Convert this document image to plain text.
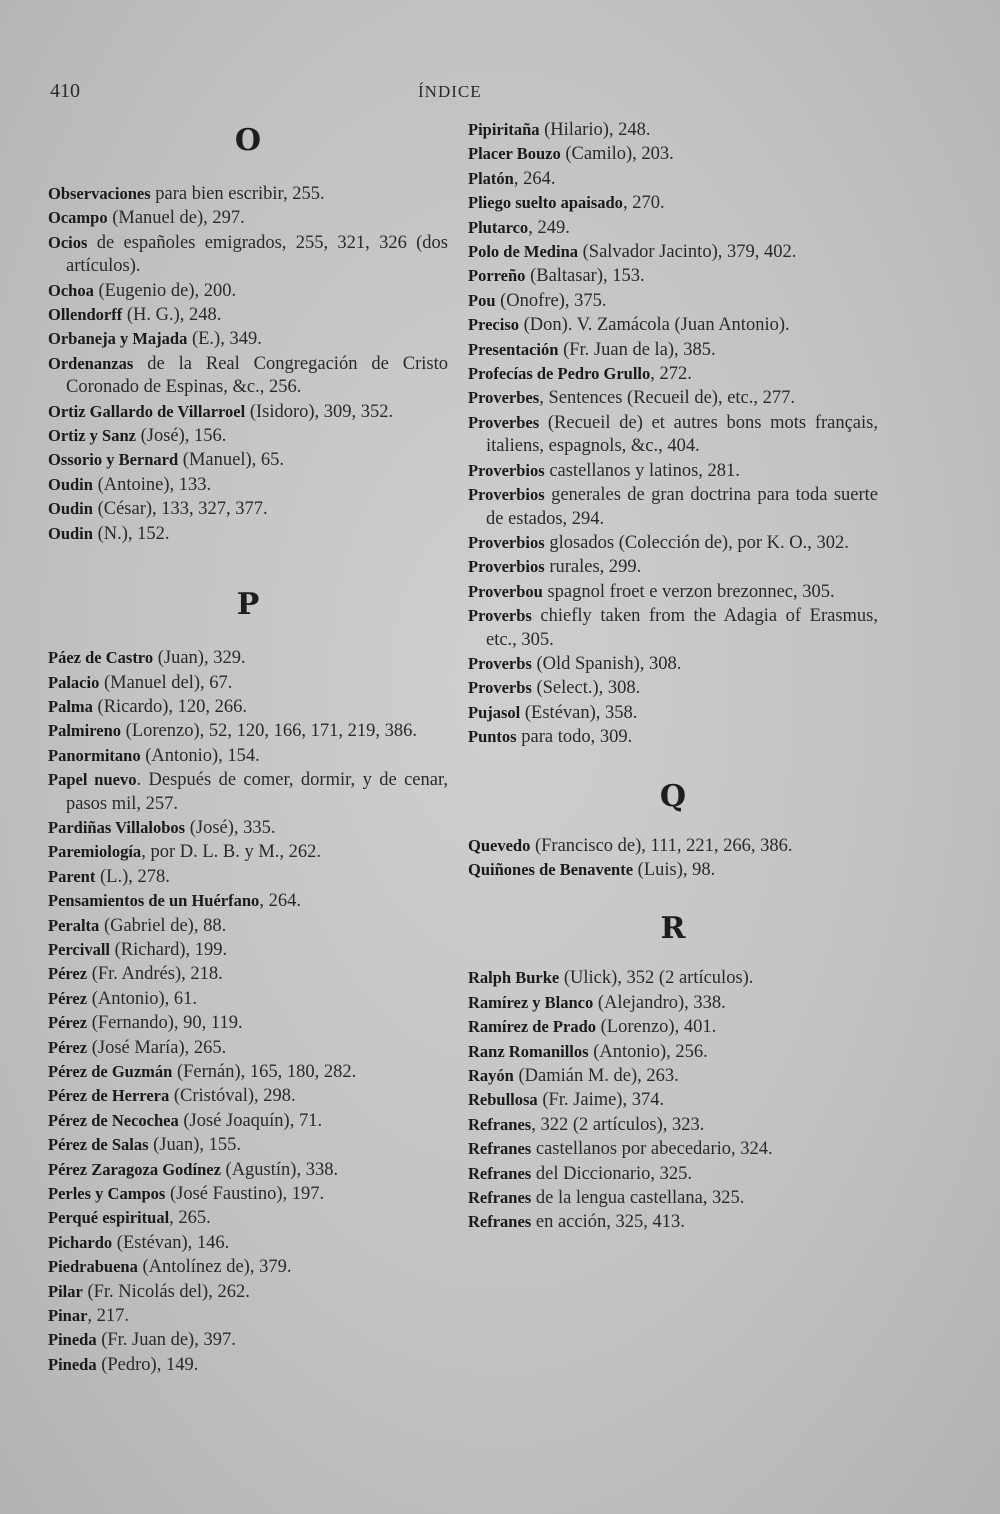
410	ÍNDICE
O
Observaciones para bien escribir, 255.
Ocampo (Manuel de), 297.
Ocios de españoles emigrados, 255, 321, 326 (dos artículos).
Ochoa (Eugenio de), 200.
Ollendorff (H. G.), 248.
Orbaneja y Majada (E.), 349.
Ordenanzas de la Real Congregación de Cristo Coronado de Espinas, &c., 256.
Ortiz Gallardo de Villarroel (Isidoro), 309, 352.
Ortiz y Sanz (José), 156.
Ossorio y Bernard (Manuel), 65.
Oudin (Antoine), 133.
Oudin (César), 133, 327, 377.
Oudin (N.), 152.
P
Páez de Castro (Juan), 329.
Palacio (Manuel del), 67.
Palma (Ricardo), 120, 266.
Palmireno (Lorenzo), 52, 120, 166, 171, 219, 386.
Panormitano (Antonio), 154.
Papel nuevo. Después de comer, dormir, y de cenar, pasos mil, 257.
Pardiñas Villalobos (José), 335.
Paremiología, por D. L. B. y M., 262.
Parent (L.), 278.
Pensamientos de un Huérfano, 264.
Peralta (Gabriel de), 88.
Percivall (Richard), 199.
Pérez (Fr. Andrés), 218.
Pérez (Antonio), 61.
Pérez (Fernando), 90, 119.
Pérez (José María), 265.
Pérez de Guzmán (Fernán), 165, 180, 282.
Pérez de Herrera (Cristóval), 298.
Pérez de Necochea (José Joaquín), 71.
Pérez de Salas (Juan), 155.
Pérez Zaragoza Godínez (Agustín), 338.
Perles y Campos (José Faustino), 197.
Perqué espiritual, 265.
Pichardo (Estévan), 146.
Piedrabuena (Antolínez de), 379.
Pilar (Fr. Nicolás del), 262.
Pinar, 217.
Pineda (Fr. Juan de), 397.
Pineda (Pedro), 149.
Pipiritaña (Hilario), 248.
Placer Bouzo (Camilo), 203.
Platón, 264.
Pliego suelto apaisado, 270.
Plutarco, 249.
Polo de Medina (Salvador Jacinto), 379, 402.
Porreño (Baltasar), 153.
Pou (Onofre), 375.
Preciso (Don). V. Zamácola (Juan Antonio).
Presentación (Fr. Juan de la), 385.
Profecías de Pedro Grullo, 272.
Proverbes, Sentences (Recueil de), etc., 277.
Proverbes (Recueil de) et autres bons mots français, italiens, espagnols, &c., 404.
Proverbios castellanos y latinos, 281.
Proverbios generales de gran doctrina para toda suerte de estados, 294.
Proverbios glosados (Colección de), por K. O., 302.
Proverbios rurales, 299.
Proverbou spagnol froet e verzon brezonnec, 305.
Proverbs chiefly taken from the Adagia of Erasmus, etc., 305.
Proverbs (Old Spanish), 308.
Proverbs (Select.), 308.
Pujasol (Estévan), 358.
Puntos para todo, 309.
Q
Quevedo (Francisco de), 111, 221, 266, 386.
Quiñones de Benavente (Luis), 98.
R
Ralph Burke (Ulick), 352 (2 artículos).
Ramírez y Blanco (Alejandro), 338.
Ramírez de Prado (Lorenzo), 401.
Ranz Romanillos (Antonio), 256.
Rayón (Damián M. de), 263.
Rebullosa (Fr. Jaime), 374.
Refranes, 322 (2 artículos), 323.
Refranes castellanos por abecedario, 324.
Refranes del Diccionario, 325.
Refranes de la lengua castellana, 325.
Refranes en acción, 325, 413.
